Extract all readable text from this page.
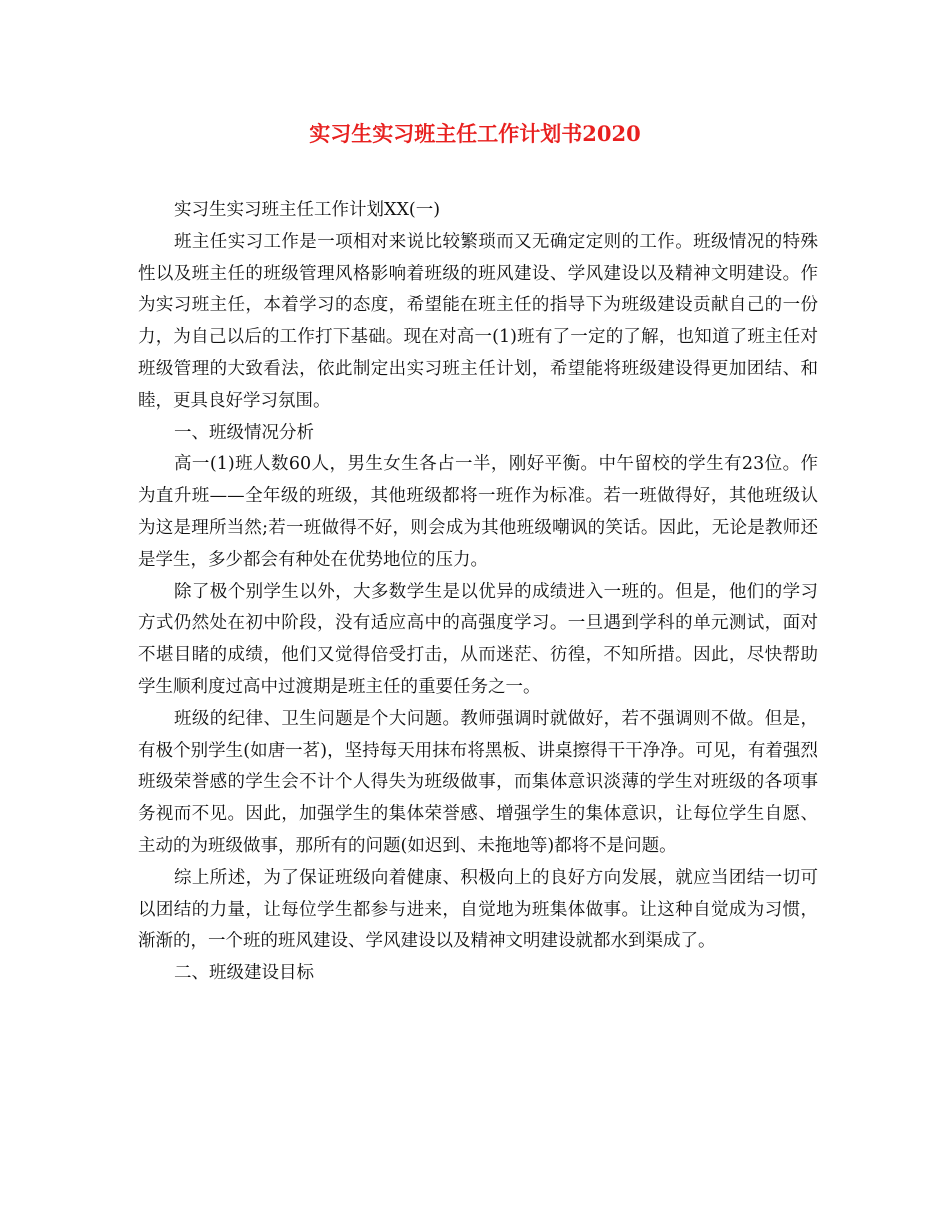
实习生实习班主任工作计划书2020

实习生实习班主任工作计划XX(一)

班主任实习工作是一项相对来说比较繁琐而又无确定定则的工作。班级情况的特殊性以及班主任的班级管理风格影响着班级的班风建设、学风建设以及精神文明建设。作为实习班主任，本着学习的态度，希望能在班主任的指导下为班级建设贡献自己的一份力，为自己以后的工作打下基础。现在对高一(1)班有了一定的了解，也知道了班主任对班级管理的大致看法，依此制定出实习班主任计划，希望能将班级建设得更加团结、和睦，更具良好学习氛围。

一、班级情况分析

高一(1)班人数60人，男生女生各占一半，刚好平衡。中午留校的学生有23位。作为直升班——全年级的班级，其他班级都将一班作为标准。若一班做得好，其他班级认为这是理所当然;若一班做得不好，则会成为其他班级嘲讽的笑话。因此，无论是教师还是学生，多少都会有种处在优势地位的压力。

除了极个别学生以外，大多数学生是以优异的成绩进入一班的。但是，他们的学习方式仍然处在初中阶段，没有适应高中的高强度学习。一旦遇到学科的单元测试，面对不堪目睹的成绩，他们又觉得倍受打击，从而迷茫、彷徨，不知所措。因此，尽快帮助学生顺利度过高中过渡期是班主任的重要任务之一。

班级的纪律、卫生问题是个大问题。教师强调时就做好，若不强调则不做。但是，有极个别学生(如唐一茗)，坚持每天用抹布将黑板、讲桌擦得干干净净。可见，有着强烈班级荣誉感的学生会不计个人得失为班级做事，而集体意识淡薄的学生对班级的各项事务视而不见。因此，加强学生的集体荣誉感、增强学生的集体意识，让每位学生自愿、主动的为班级做事，那所有的问题(如迟到、未拖地等)都将不是问题。

综上所述，为了保证班级向着健康、积极向上的良好方向发展，就应当团结一切可以团结的力量，让每位学生都参与进来，自觉地为班集体做事。让这种自觉成为习惯，渐渐的，一个班的班风建设、学风建设以及精神文明建设就都水到渠成了。

二、班级建设目标
